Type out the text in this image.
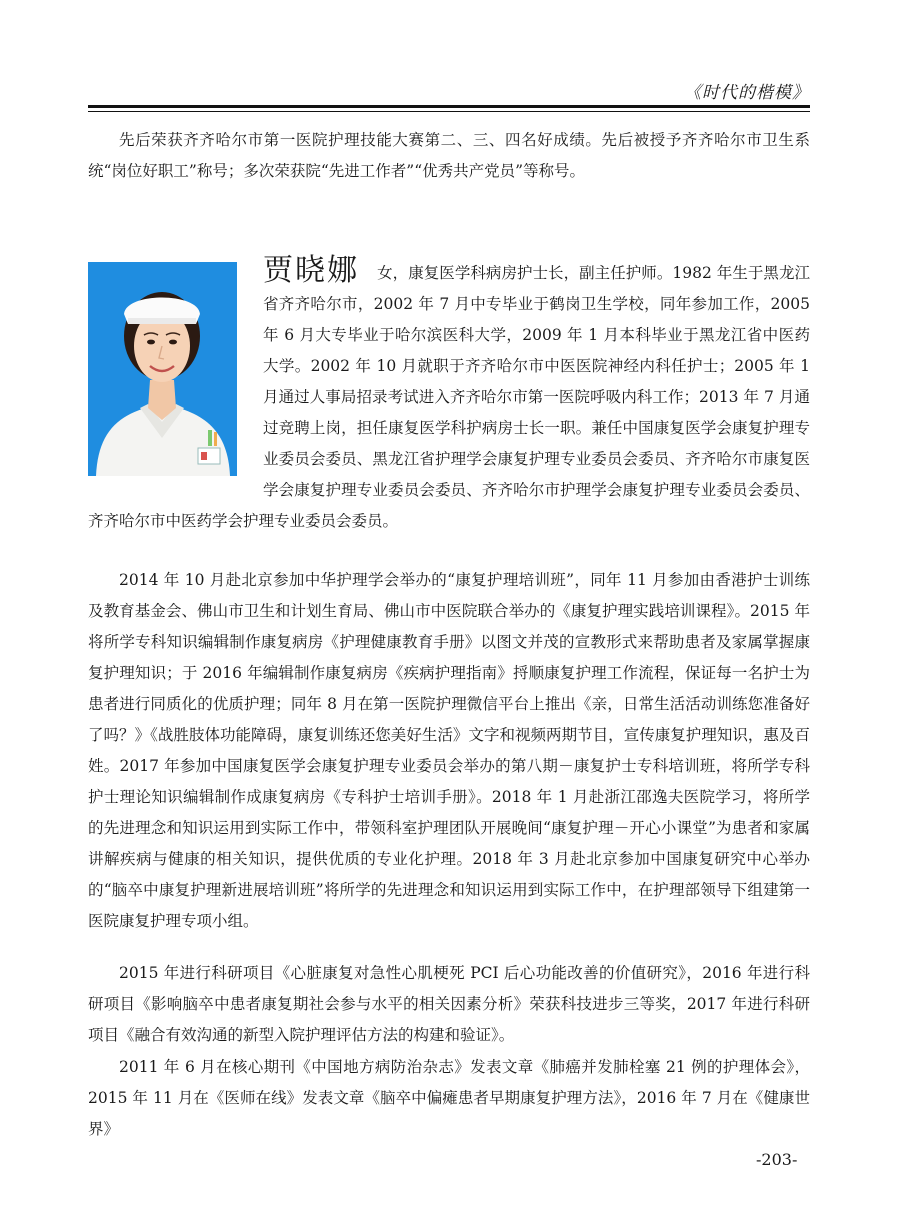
《时代的楷模》

先后荣获齐齐哈尔市第一医院护理技能大赛第二、三、四名好成绩。先后被授予齐齐哈尔市卫生系统“岗位好职工”称号；多次荣获院“先进工作者”“优秀共产党员”等称号。

贾晓娜 女，康复医学科病房护士长，副主任护师。1982 年生于黑龙江省齐齐哈尔市，2002 年 7 月中专毕业于鹤岗卫生学校，同年参加工作，2005 年 6 月大专毕业于哈尔滨医科大学，2009 年 1 月本科毕业于黑龙江省中医药大学。2002 年 10 月就职于齐齐哈尔市中医医院神经内科任护士；2005 年 1 月通过人事局招录考试进入齐齐哈尔市第一医院呼吸内科工作；2013 年 7 月通过竞聘上岗，担任康复医学科护病房士长一职。兼任中国康复医学会康复护理专业委员会委员、黑龙江省护理学会康复护理专业委员会委员、齐齐哈尔市康复医学会康复护理专业委员会委员、齐齐哈尔市护理学会康复护理专业委员会委员、齐齐哈尔市中医药学会护理专业委员会委员。

2014 年 10 月赴北京参加中华护理学会举办的“康复护理培训班”，同年 11 月参加由香港护士训练及教育基金会、佛山市卫生和计划生育局、佛山市中医院联合举办的《康复护理实践培训课程》。2015 年将所学专科知识编辑制作康复病房《护理健康教育手册》以图文并茂的宣教形式来帮助患者及家属掌握康复护理知识；于 2016 年编辑制作康复病房《疾病护理指南》捋顺康复护理工作流程，保证每一名护士为患者进行同质化的优质护理；同年 8 月在第一医院护理微信平台上推出《亲，日常生活活动训练您准备好了吗？》《战胜肢体功能障碍，康复训练还您美好生活》文字和视频两期节目，宣传康复护理知识，惠及百姓。2017 年参加中国康复医学会康复护理专业委员会举办的第八期－康复护士专科培训班，将所学专科护士理论知识编辑制作成康复病房《专科护士培训手册》。2018 年 1 月赴浙江邵逸夫医院学习，将所学的先进理念和知识运用到实际工作中，带领科室护理团队开展晚间“康复护理－开心小课堂”为患者和家属讲解疾病与健康的相关知识，提供优质的专业化护理。2018 年 3 月赴北京参加中国康复研究中心举办的“脑卒中康复护理新进展培训班”将所学的先进理念和知识运用到实际工作中，在护理部领导下组建第一医院康复护理专项小组。

2015 年进行科研项目《心脏康复对急性心肌梗死 PCI 后心功能改善的价值研究》，2016 年进行科研项目《影响脑卒中患者康复期社会参与水平的相关因素分析》荣获科技进步三等奖，2017 年进行科研项目《融合有效沟通的新型入院护理评估方法的构建和验证》。

2011 年 6 月在核心期刊《中国地方病防治杂志》发表文章《肺癌并发肺栓塞 21 例的护理体会》，2015 年 11 月在《医师在线》发表文章《脑卒中偏瘫患者早期康复护理方法》，2016 年 7 月在《健康世界》

-203-
